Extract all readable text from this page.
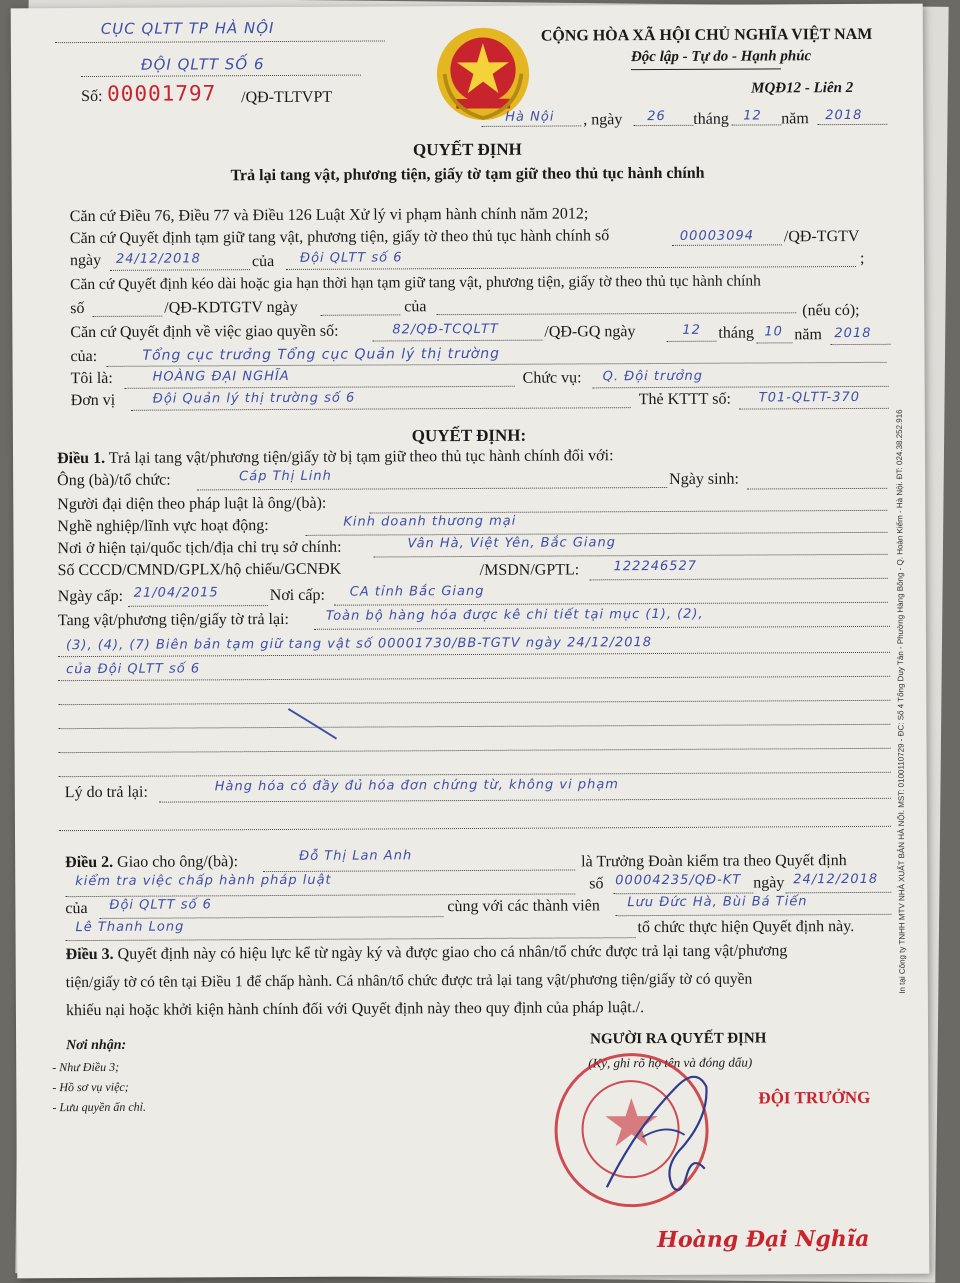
CỤC QLTT TP HÀ NỘI
ĐỘI QLTT SỐ 6
Số: 00001797 /QĐ-TLTVPT
CỘNG HÒA XÃ HỘI CHỦ NGHĨA VIỆT NAM
Độc lập - Tự do - Hạnh phúc
MQĐ12 - Liên 2
Hà Nội , ngày 26 tháng 12 năm 2018
QUYẾT ĐỊNH
Trả lại tang vật, phương tiện, giấy tờ tạm giữ theo thủ tục hành chính
Căn cứ Điều 76, Điều 77 và Điều 126 Luật Xử lý vi phạm hành chính năm 2012;
Căn cứ Quyết định tạm giữ tang vật, phương tiện, giấy tờ theo thủ tục hành chính số	00003094 /QĐ-TGTV
ngày 24/12/2018	của Đội QLTT số 6	;
Căn cứ Quyết định kéo dài hoặc gia hạn thời hạn tạm giữ tang vật, phương tiện, giấy tờ theo thủ tục hành chính
số	/QĐ-KDTGTV ngày	của	(nếu có);
Căn cứ Quyết định về việc giao quyền số:	82/QĐ-TCQLTT	/QĐ-GQ ngày	12 tháng 10 năm 2018
của:	Tổng cục trưởng Tổng cục Quản lý thị trường
Tôi là:	HOÀNG ĐẠI NGHĨA	Chức vụ: Q. Đội trưởng
Đơn vị	Đội Quản lý thị trường số 6	Thẻ KTTT số: T01-QLTT-370
QUYẾT ĐỊNH:
Điều 1. Trả lại tang vật/phương tiện/giấy tờ bị tạm giữ theo thủ tục hành chính đối với:
Ông (bà)/tổ chức:	Cáp Thị Linh	Ngày sinh:
Người đại diện theo pháp luật là ông/(bà):
Nghề nghiệp/lĩnh vực hoạt động:	Kinh doanh thương mại
Nơi ở hiện tại/quốc tịch/địa chỉ trụ sở chính:	Vân Hà, Việt Yên, Bắc Giang
Số CCCD/CMND/GPLX/hộ chiếu/GCNĐK	/MSDN/GPTL:	122246527
Ngày cấp: 21/04/2015	Nơi cấp: CA tỉnh Bắc Giang
Tang vật/phương tiện/giấy tờ trả lại:	Toàn bộ hàng hóa được kê chi tiết tại mục (1), (2),
(3), (4), (7) Biên bản tạm giữ tang vật số 00001730/BB-TGTV ngày 24/12/2018
của Đội QLTT số 6
Lý do trả lại:	Hàng hóa có đầy đủ hóa đơn chứng từ, không vi phạm
Điều 2. Giao cho ông/(bà):	Đỗ Thị Lan Anh	là Trưởng Đoàn kiểm tra theo Quyết định
kiểm tra việc chấp hành pháp luật	số 00004235/QĐ-KT ngày 24/12/2018
của Đội QLTT số 6	cùng với các thành viên Lưu Đức Hà, Bùi Bá Tiến
Lê Thanh Long	tổ chức thực hiện Quyết định này.
Điều 3. Quyết định này có hiệu lực kể từ ngày ký và được giao cho cá nhân/tổ chức được trả lại tang vật/phương
tiện/giấy tờ có tên tại Điều 1 để chấp hành. Cá nhân/tổ chức được trả lại tang vật/phương tiện/giấy tờ có quyền
khiếu nại hoặc khởi kiện hành chính đối với Quyết định này theo quy định của pháp luật./.
Nơi nhận:
- Như Điều 3;
- Hồ sơ vụ việc;
- Lưu quyền ấn chỉ.
NGƯỜI RA QUYẾT ĐỊNH
(Ký, ghi rõ họ tên và đóng dấu)
ĐỘI TRƯỞNG
Hoàng Đại Nghĩa
In tại Công ty TNHH MTV NHÀ XUẤT BẢN HÀ NỘI. MST: 0100110729 - ĐC: Số 4 Tống Duy Tân - Phường Hàng Bông - Q. Hoàn Kiếm - Hà Nội. ĐT: 024.38.252.916
